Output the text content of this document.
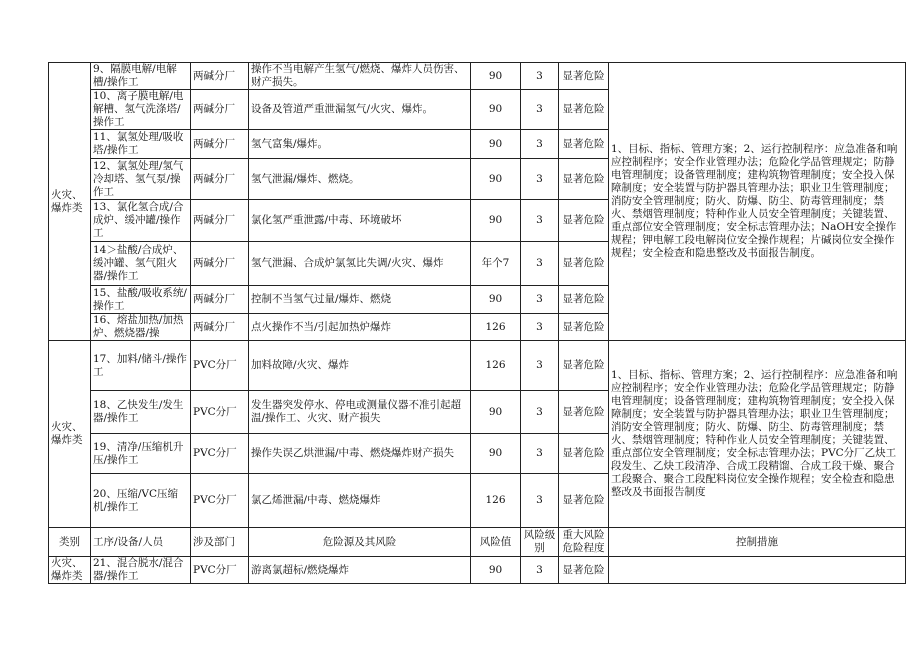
火灾、爆炸类	9、隔膜电解/电解槽/操作工	两碱分厂	操作不当电解产生氢气/燃烧、爆炸人员伤害、财产损失。	90	3	显著危险	1、目标、指标、管理方案；2、运行控制程序：应急准备和响应控制程序；安全作业管理办法；危险化学品管理规定；防静电管理制度；设备管理制度；建构筑物管理制度；安全投入保障制度；安全装置与防护器具管理办法；职业卫生管理制度；消防安全管理制度；防火、防爆、防尘、防毒管理制度；禁火、禁烟管理制度；特种作业人员安全管理制度；关键装置、重点部位安全管理制度；安全标志管理办法；NaOH安全操作规程；钾电解工段电解岗位安全操作规程；片碱岗位安全操作规程；安全检查和隐患整改及书面报告制度。
	10、离子膜电解/电解槽、氢气洗涤塔/操作工	两碱分厂	设备及管道严重泄漏氢气/火灾、爆炸。	90	3	显著危险	
	11、氯氢处理/吸收塔/操作工	两碱分厂	氢气富集/爆炸。	90	3	显著危险	
	12、氯氢处理/氢气冷却塔、氢气泵/操作工	两碱分厂	氢气泄漏/爆炸、燃烧。	90	3	显著危险	
	13、氯化氢合成/合成炉、缓冲罐/操作工	两碱分厂	氯化氢严重泄露/中毒、环境破坏	90	3	显著危险	
	14＞盐酸/合成炉、缓冲罐、氢气阻火器/操作工	两碱分厂	氢气泄漏、合成炉氯氢比失调/火灾、爆炸	年个7	3	显著危险	
	15、盐酸/吸收系统/操作工	两碱分厂	控制不当氢气过量/爆炸、燃烧	90	3	显著危险	
	16、熔盐加热/加热炉、燃烧器/操	两碱分厂	点火操作不当/引起加热炉爆炸	126	3	显著危险	
火灾、爆炸类	17、加料/储斗/操作工	PVC分厂	加料故障/火灾、爆炸	126	3	显著危险	1、目标、指标、管理方案；2、运行控制程序：应急准备和响应控制程序；安全作业管理办法；危险化学品管理规定；防静电管理制度；设备管理制度；建构筑物管理制度；安全投入保障制度；安全装置与防护器具管理办法；职业卫生管理制度；消防安全管理制度；防火、防爆、防尘、防毒管理制度；禁火、禁烟管理制度；特种作业人员安全管理制度；关键装置、重点部位安全管理制度；安全标志管理办法；PVC分厂乙炔工段发生、乙炔工段清净、合成工段精馏、合成工段干燥、聚合工段聚合、聚合工段配料岗位安全操作规程；安全检查和隐患整改及书面报告制度
	18、乙快发生/发生器/操作工	PVC分厂	发生器突发停水、停电或测量仪器不准引起超温/操作工、火灾、财产损失	90	3	显著危险	
	19、清净/压缩机升压/操作工	PVC分厂	操作失误乙烘泄漏/中毒、燃烧爆炸财产损失	90	3	显著危险	
	20、压缩/VC压缩机/操作工	PVC分厂	氯乙烯泄漏/中毒、燃烧爆炸	126	3	显著危险	
类别	工序/设备/人员	涉及部门	危险源及其风险	风险值	风险级别	重大风险危险程度	控制措施
火灾、爆炸类	21、混合脱水/混合器/操作工	PVC分厂	游离氯超标/燃烧爆炸	90	3	显著危险	
